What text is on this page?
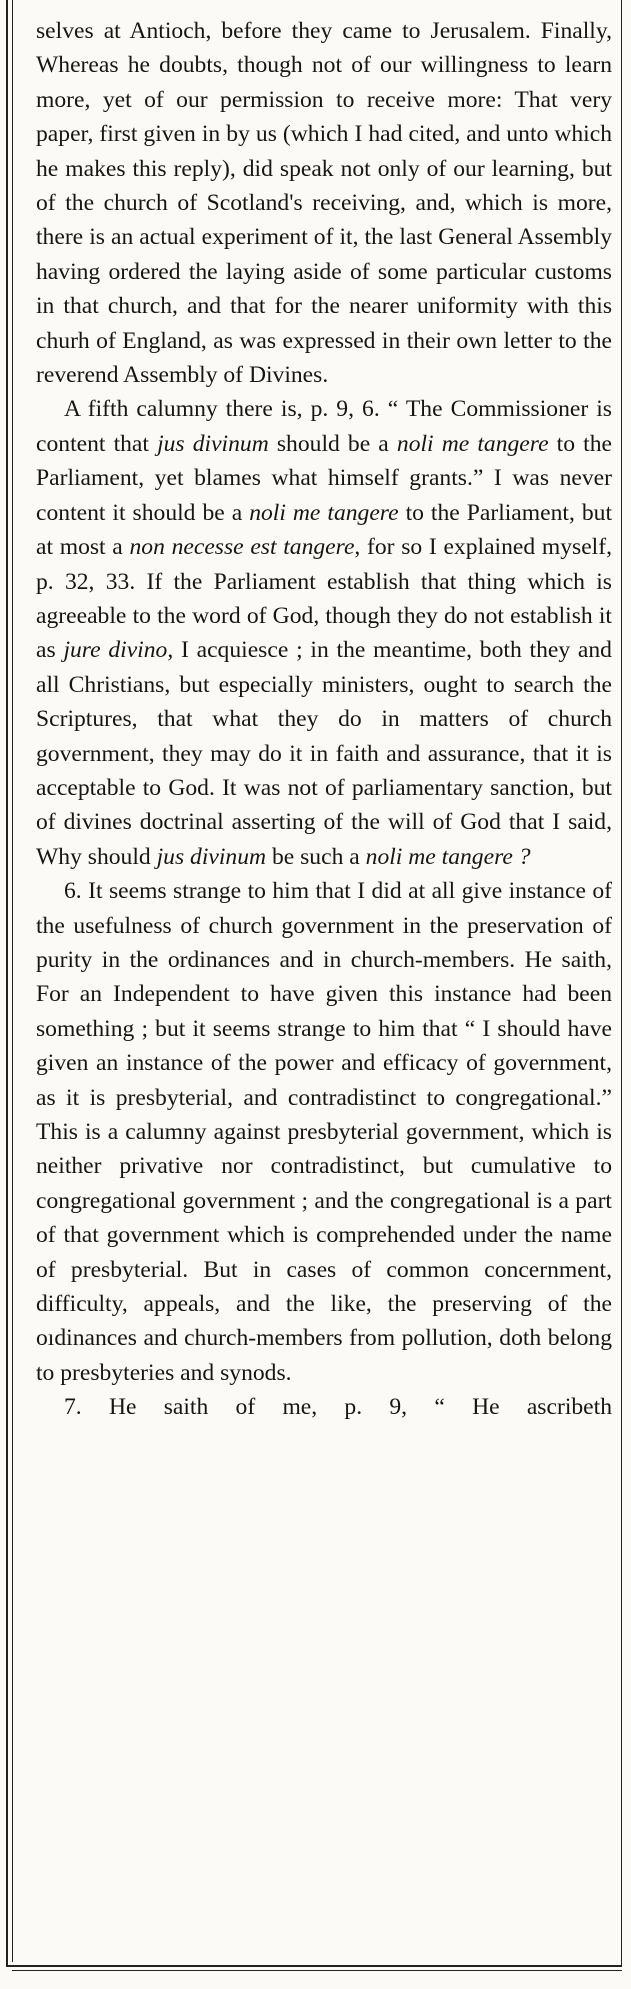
selves at Antioch, before they came to Jerusalem. Finally, Whereas he doubts, though not of our willingness to learn more, yet of our permission to receive more: That very paper, first given in by us (which I had cited, and unto which he makes this reply), did speak not only of our learning, but of the church of Scotland's receiving, and, which is more, there is an actual experiment of it, the last General Assembly having ordered the laying aside of some particular customs in that church, and that for the nearer uniformity with this churh of England, as was expressed in their own letter to the reverend Assembly of Divines.

A fifth calumny there is, p. 9, 6. “ The Commissioner is content that jus divinum should be a noli me tangere to the Parliament, yet blames what himself grants.” I was never content it should be a noli me tangere to the Parliament, but at most a non necesse est tangere, for so I explained myself, p. 32, 33. If the Parliament establish that thing which is agreeable to the word of God, though they do not establish it as jure divino, I acquiesce ; in the meantime, both they and all Christians, but especially ministers, ought to search the Scriptures, that what they do in matters of church government, they may do it in faith and assurance, that it is acceptable to God. It was not of parliamentary sanction, but of divines doctrinal asserting of the will of God that I said, Why should jus divinum be such a noli me tangere ?

6. It seems strange to him that I did at all give instance of the usefulness of church government in the preservation of purity in the ordinances and in church-members. He saith, For an Independent to have given this instance had been something ; but it seems strange to him that “ I should have given an instance of the power and efficacy of government, as it is presbyterial, and contradistinct to congregational.” This is a calumny against presbyterial government, which is neither privative nor contradistinct, but cumulative to congregational government ; and the congregational is a part of that government which is comprehended under the name of presbyterial. But in cases of common concernment, difficulty, appeals, and the like, the preserving of the oıdinances and church-members from pollution, doth belong to presbyteries and synods.

7. He saith of me, p. 9, “ He ascribeth
